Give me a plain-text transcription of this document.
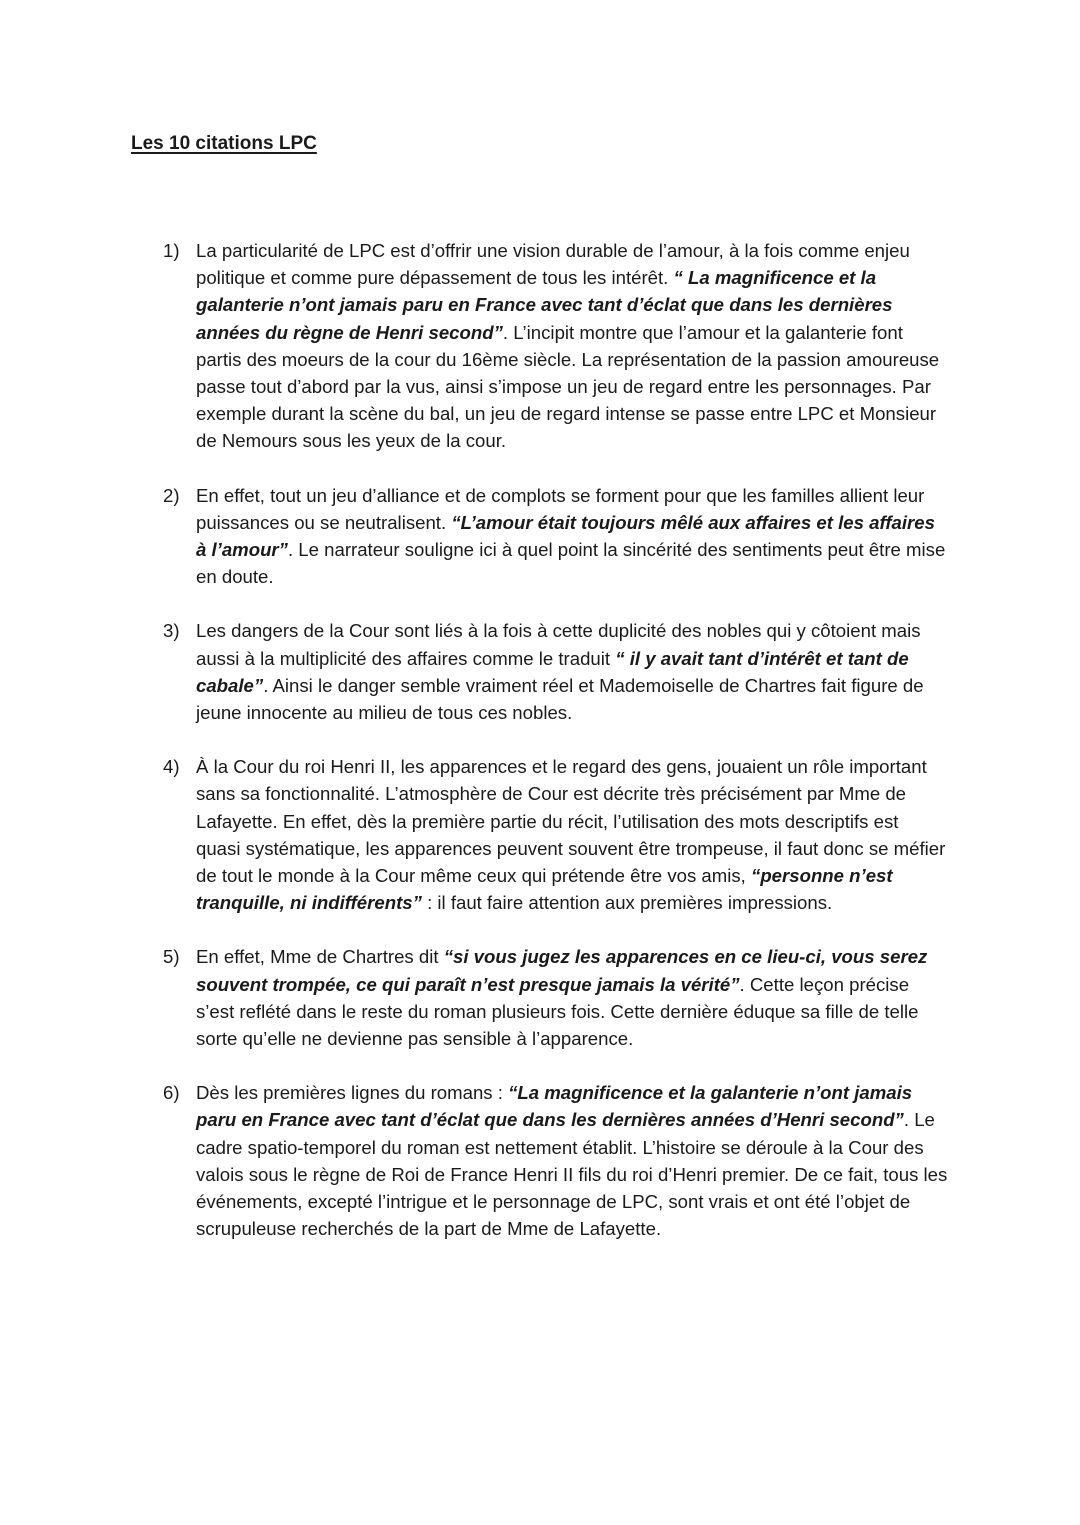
Les 10 citations LPC
1) La particularité de LPC est d’offrir une vision durable de l’amour, à la fois comme enjeu politique et comme pure dépassement de tous les intérêt. “ La magnificence et la galanterie n’ont jamais paru en France avec tant d’éclat que dans les dernières années du règne de Henri second”. L’incipit montre que l’amour et la galanterie font partis des moeurs de la cour du 16ème siècle. La représentation de la passion amoureuse passe tout d’abord par la vus, ainsi s’impose un jeu de regard entre les personnages. Par exemple durant la scène du bal, un jeu de regard intense se passe entre LPC et Monsieur de Nemours sous les yeux de la cour.
2) En effet, tout un jeu d’alliance et de complots se forment pour que les familles allient leur puissances ou se neutralisent. “L’amour était toujours mêlé aux affaires et les affaires à l’amour”. Le narrateur souligne ici à quel point la sincérité des sentiments peut être mise en doute.
3) Les dangers de la Cour sont liés à la fois à cette duplicité des nobles qui y côtoient mais aussi à la multiplicité des affaires comme le traduit “ il y avait tant d’intérêt et tant de cabale”. Ainsi le danger semble vraiment réel et Mademoiselle de Chartres fait figure de jeune innocente au milieu de tous ces nobles.
4) À la Cour du roi Henri II, les apparences et le regard des gens, jouaient un rôle important sans sa fonctionnalité. L’atmosphère de Cour est décrite très précisément par Mme de Lafayette. En effet, dès la première partie du récit, l’utilisation des mots descriptifs est quasi systématique, les apparences peuvent souvent être trompeuse, il faut donc se méfier de tout le monde à la Cour même ceux qui prétende être vos amis, “personne n’est tranquille, ni indifférents” : il faut faire attention aux premières impressions.
5) En effet, Mme de Chartres dit “si vous jugez les apparences en ce lieu-ci, vous serez souvent trompée, ce qui paraît n’est presque jamais la vérité”. Cette leçon précise s’est reflété dans le reste du roman plusieurs fois. Cette dernière éduque sa fille de telle sorte qu’elle ne devienne pas sensible à l’apparence.
6) Dès les premières lignes du romans : “La magnificence et la galanterie n’ont jamais paru en France avec tant d’éclat que dans les dernières années d’Henri second”. Le cadre spatio-temporel du roman est nettement établit. L’histoire se déroule à la Cour des valois sous le règne de Roi de France Henri II fils du roi d’Henri premier. De ce fait, tous les événements, excepté l’intrigue et le personnage de LPC, sont vrais et ont été l’objet de scrupuleuse recherchés de la part de Mme de Lafayette.
